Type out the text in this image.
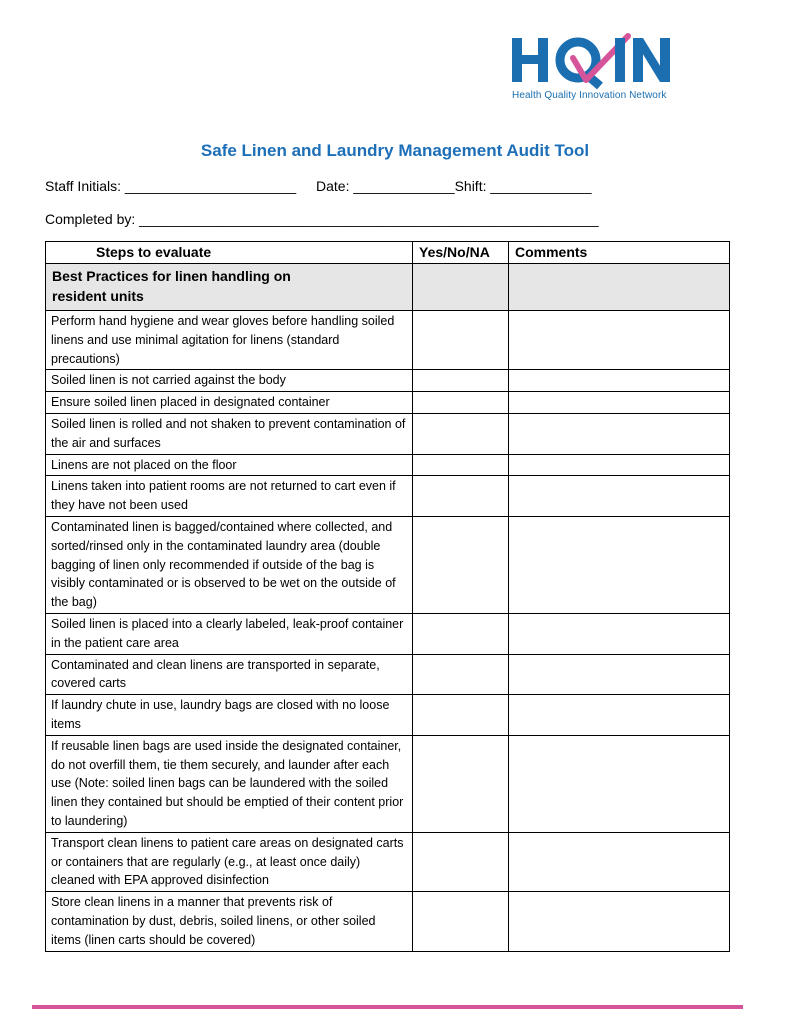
HQIN
Health Quality Innovation Network
Safe Linen and Laundry Management Audit Tool
Staff Initials: ______________________ Date: _____________Shift: _____________
Completed by: ___________________________________________________________
Steps to evaluate	Yes/No/NA	Comments
Best Practices for linen handling on resident units		
Perform hand hygiene and wear gloves before handling soiled linens and use minimal agitation for linens (standard precautions)		
Soiled linen is not carried against the body		
Ensure soiled linen placed in designated container		
Soiled linen is rolled and not shaken to prevent contamination of the air and surfaces		
Linens are not placed on the floor		
Linens taken into patient rooms are not returned to cart even if they have not been used		
Contaminated linen is bagged/contained where collected, and sorted/rinsed only in the contaminated laundry area (double bagging of linen only recommended if outside of the bag is visibly contaminated or is observed to be wet on the outside of the bag)		
Soiled linen is placed into a clearly labeled, leak-proof container in the patient care area		
Contaminated and clean linens are transported in separate, covered carts		
If laundry chute in use, laundry bags are closed with no loose items		
If reusable linen bags are used inside the designated container, do not overfill them, tie them securely, and launder after each use (Note: soiled linen bags can be laundered with the soiled linen they contained but should be emptied of their content prior to laundering)		
Transport clean linens to patient care areas on designated carts or containers that are regularly (e.g., at least once daily) cleaned with EPA approved disinfection		
Store clean linens in a manner that prevents risk of contamination by dust, debris, soiled linens, or other soiled items (linen carts should be covered)		
